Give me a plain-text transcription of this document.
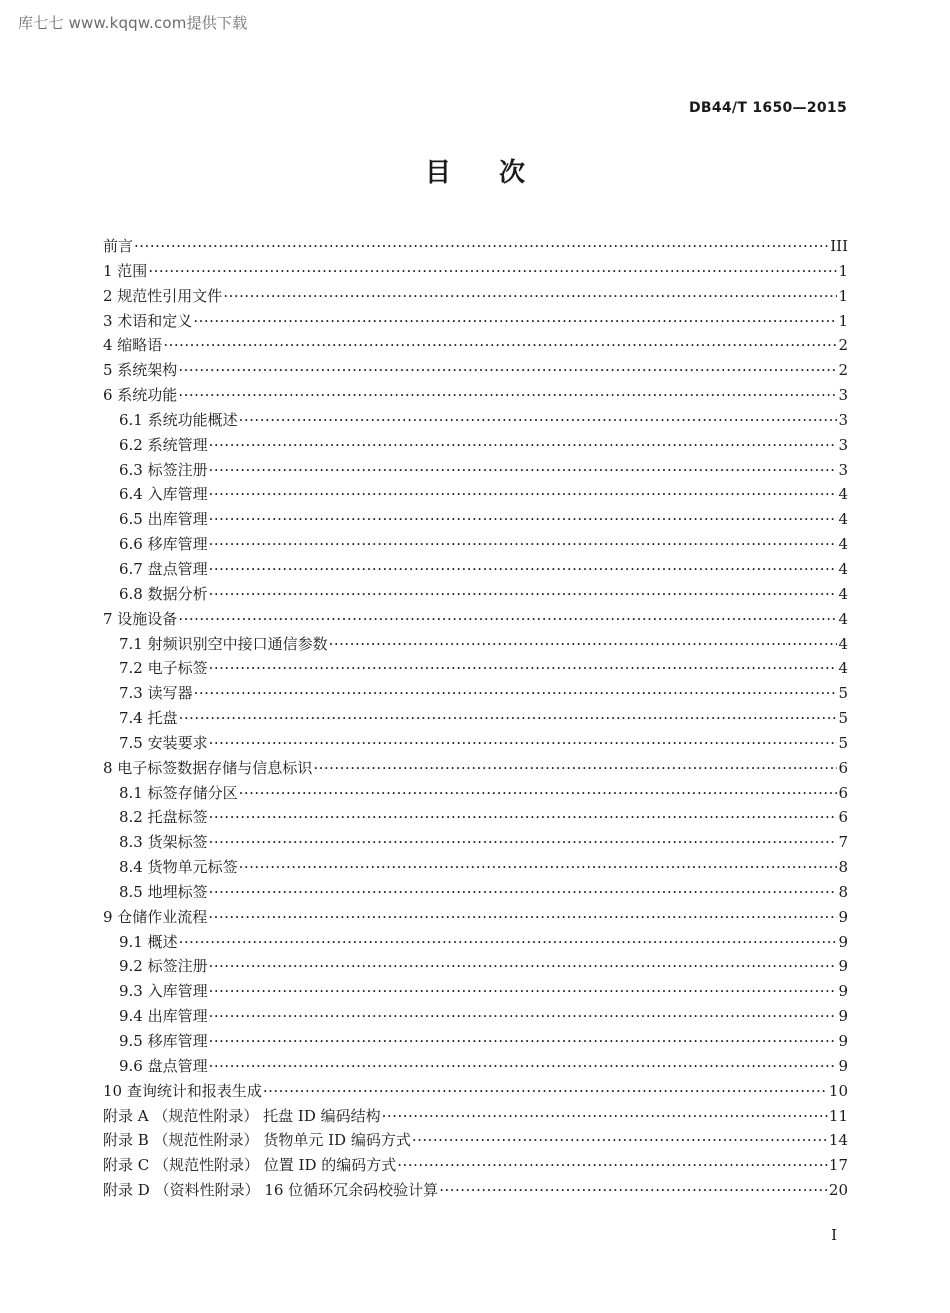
库七七 www.kqqw.com提供下载
DB44/T 1650—2015
目次
前言 ·····	III
1 范围 ·····	1
2 规范性引用文件 ·····	1
3 术语和定义 ·····	1
4 缩略语 ·····	2
5 系统架构 ·····	2
6 系统功能 ·····	3
6.1 系统功能概述 ·····	3
6.2 系统管理 ·····	3
6.3 标签注册 ·····	3
6.4 入库管理 ·····	4
6.5 出库管理 ·····	4
6.6 移库管理 ·····	4
6.7 盘点管理 ·····	4
6.8 数据分析 ·····	4
7 设施设备 ·····	4
7.1 射频识别空中接口通信参数 ·····	4
7.2 电子标签 ·····	4
7.3 读写器 ·····	5
7.4 托盘 ·····	5
7.5 安装要求 ·····	5
8 电子标签数据存储与信息标识 ·····	6
8.1 标签存储分区 ·····	6
8.2 托盘标签 ·····	6
8.3 货架标签 ·····	7
8.4 货物单元标签 ·····	8
8.5 地埋标签 ·····	8
9 仓储作业流程 ·····	9
9.1 概述 ·····	9
9.2 标签注册 ·····	9
9.3 入库管理 ·····	9
9.4 出库管理 ·····	9
9.5 移库管理 ·····	9
9.6 盘点管理 ·····	9
10 查询统计和报表生成 ·····	10
附录 A （规范性附录） 托盘 ID 编码结构 ·····	11
附录 B （规范性附录） 货物单元 ID 编码方式 ·····	14
附录 C （规范性附录） 位置 ID 的编码方式 ·····	17
附录 D （资料性附录） 16 位循环冗余码校验计算 ·····	20
I
